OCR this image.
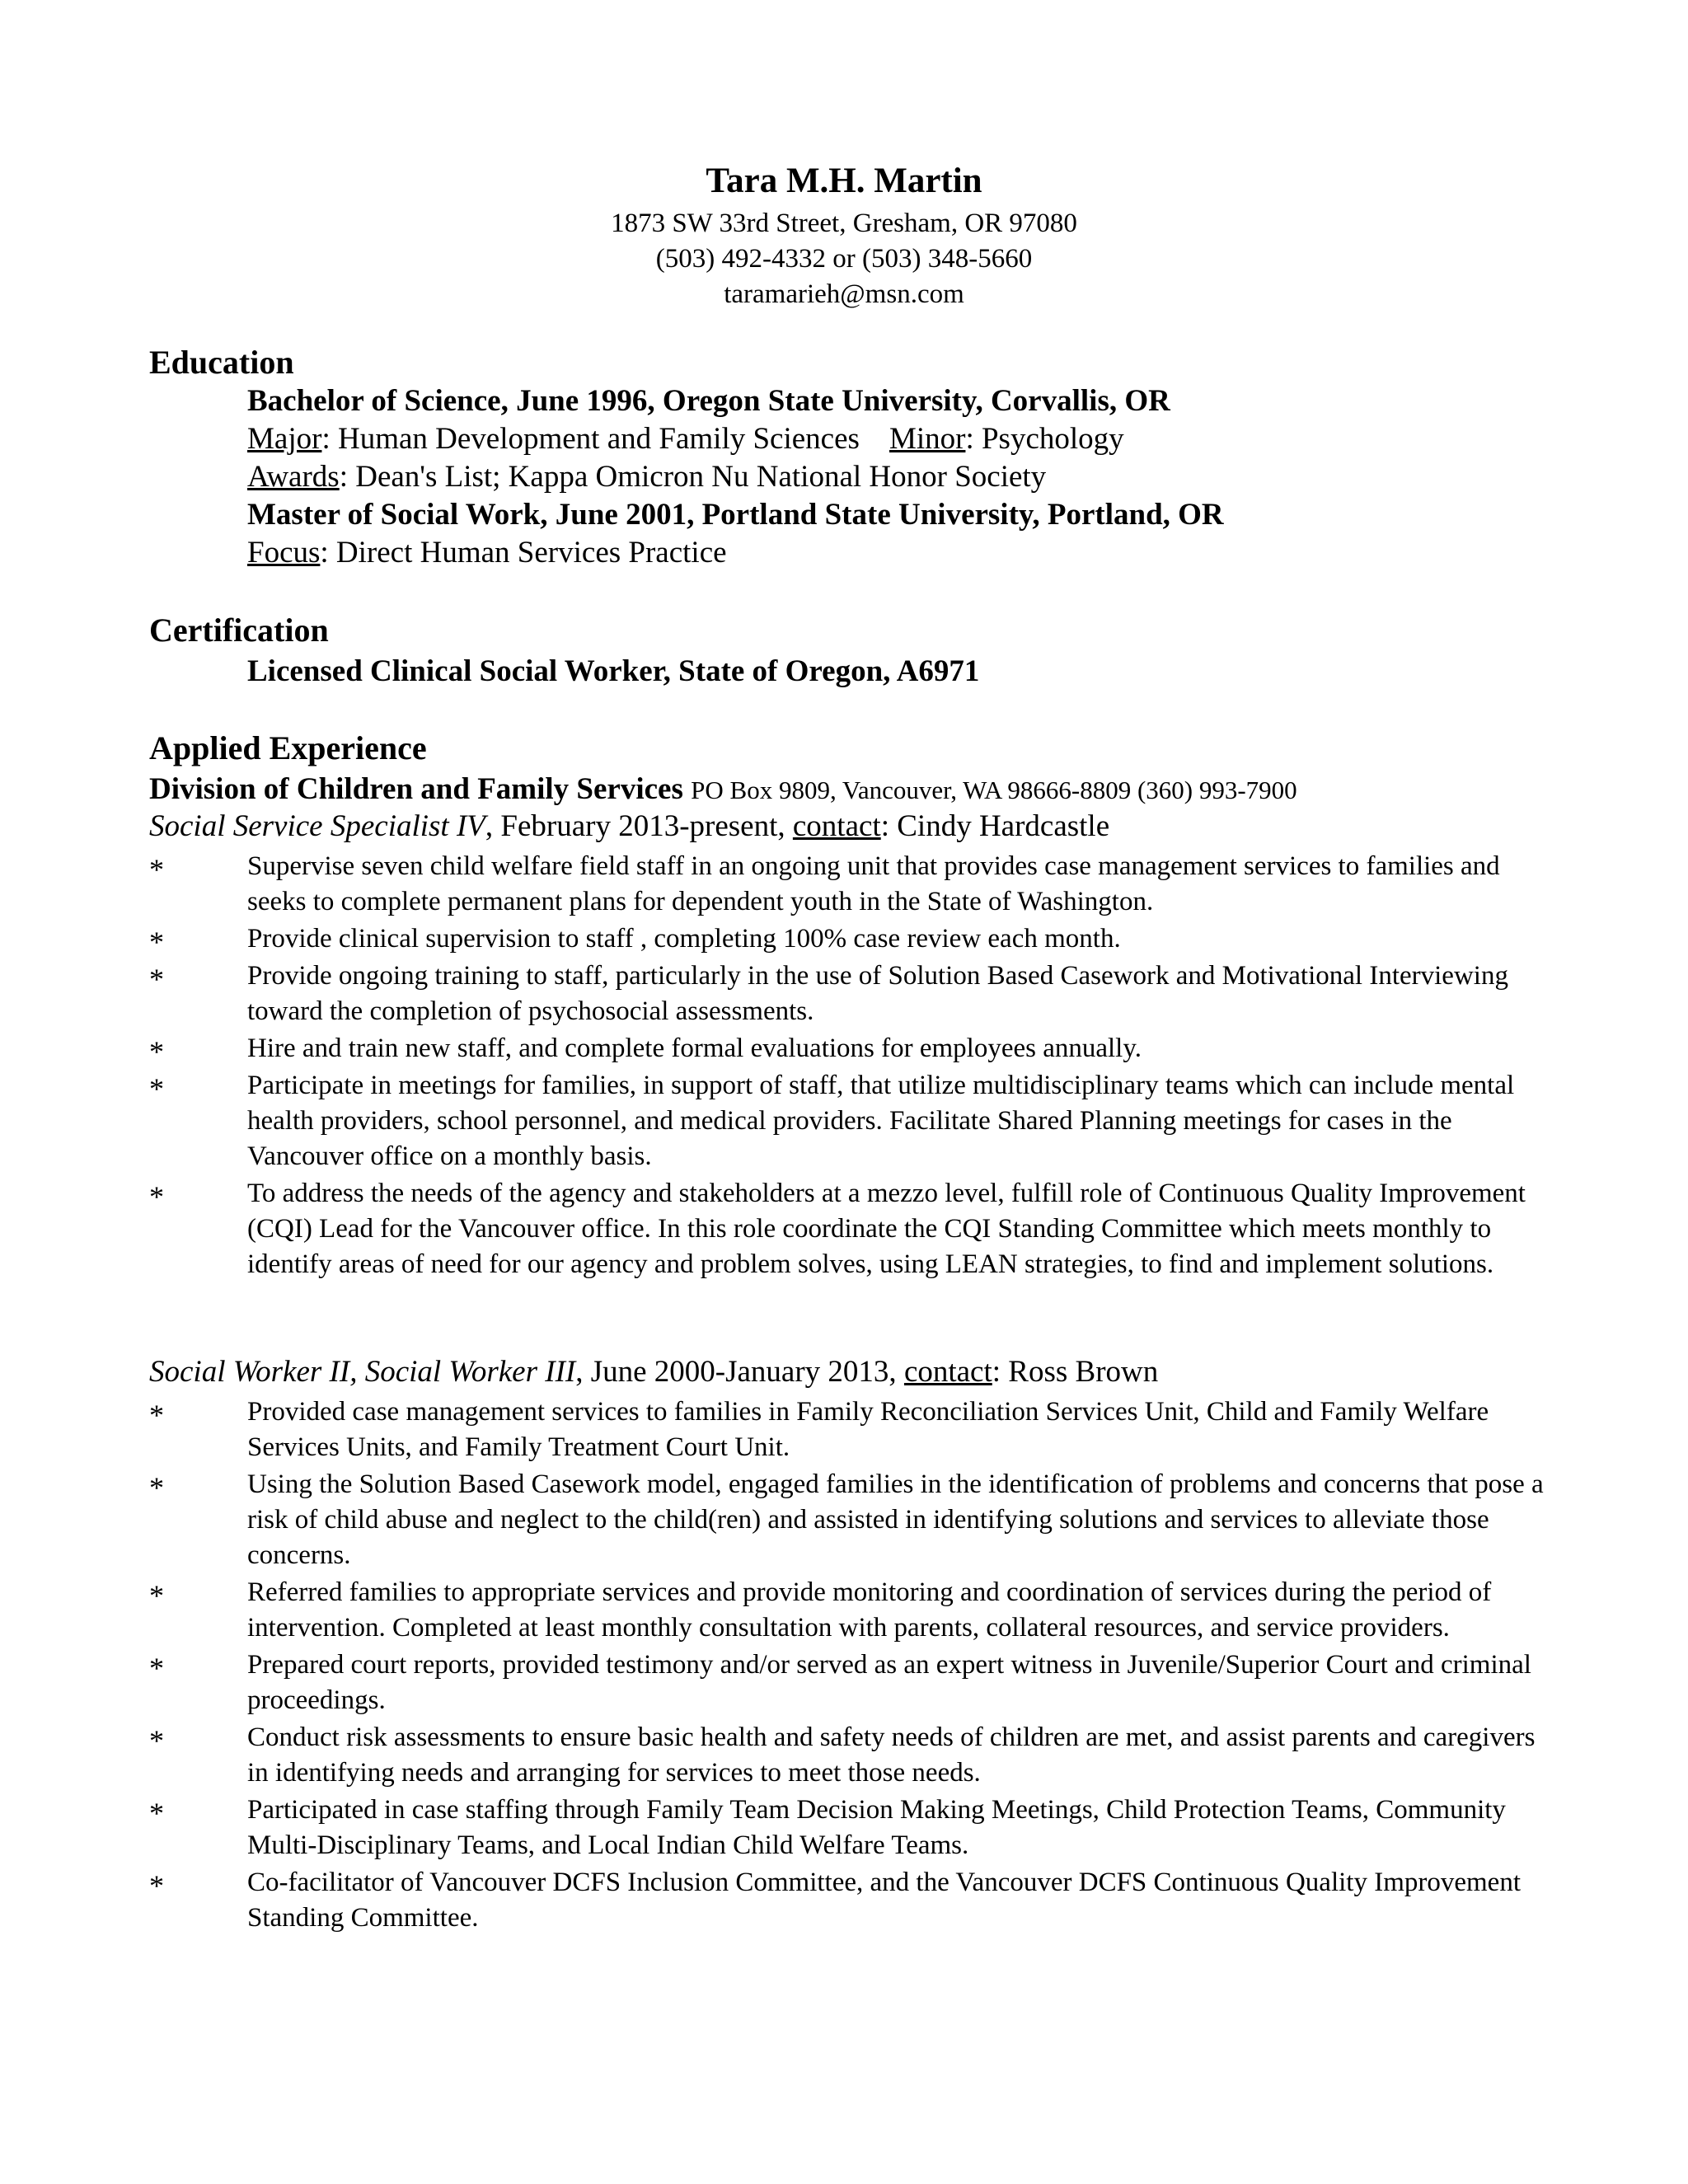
Tara M.H. Martin
1873 SW 33rd Street, Gresham, OR 97080
(503) 492-4332 or (503) 348-5660
taramarieh@msn.com
Education
Bachelor of Science, June 1996, Oregon State University, Corvallis, OR
Major: Human Development and Family Sciences Minor: Psychology
Awards: Dean's List; Kappa Omicron Nu National Honor Society
Master of Social Work, June 2001, Portland State University, Portland, OR
Focus: Direct Human Services Practice
Certification
Licensed Clinical Social Worker, State of Oregon, A6971
Applied Experience
Division of Children and Family Services PO Box 9809, Vancouver, WA 98666-8809 (360) 993-7900
Social Service Specialist IV, February 2013-present, contact: Cindy Hardcastle
*	Supervise seven child welfare field staff in an ongoing unit that provides case management services to families and seeks to complete permanent plans for dependent youth in the State of Washington.
*	Provide clinical supervision to staff , completing 100% case review each month.
*	Provide ongoing training to staff, particularly in the use of Solution Based Casework and Motivational Interviewing toward the completion of psychosocial assessments.
*	Hire and train new staff, and complete formal evaluations for employees annually.
*	Participate in meetings for families, in support of staff, that utilize multidisciplinary teams which can include mental health providers, school personnel, and medical providers. Facilitate Shared Planning meetings for cases in the Vancouver office on a monthly basis.
*	To address the needs of the agency and stakeholders at a mezzo level, fulfill role of Continuous Quality Improvement (CQI) Lead for the Vancouver office. In this role coordinate the CQI Standing Committee which meets monthly to identify areas of need for our agency and problem solves, using LEAN strategies, to find and implement solutions.
Social Worker II, Social Worker III, June 2000-January 2013, contact: Ross Brown
*	Provided case management services to families in Family Reconciliation Services Unit, Child and Family Welfare Services Units, and Family Treatment Court Unit.
*	Using the Solution Based Casework model, engaged families in the identification of problems and concerns that pose a risk of child abuse and neglect to the child(ren) and assisted in identifying solutions and services to alleviate those concerns.
*	Referred families to appropriate services and provide monitoring and coordination of services during the period of intervention. Completed at least monthly consultation with parents, collateral resources, and service providers.
*	Prepared court reports, provided testimony and/or served as an expert witness in Juvenile/Superior Court and criminal proceedings.
*	Conduct risk assessments to ensure basic health and safety needs of children are met, and assist parents and caregivers in identifying needs and arranging for services to meet those needs.
*	Participated in case staffing through Family Team Decision Making Meetings, Child Protection Teams, Community Multi-Disciplinary Teams, and Local Indian Child Welfare Teams.
*	Co-facilitator of Vancouver DCFS Inclusion Committee, and the Vancouver DCFS Continuous Quality Improvement Standing Committee.
